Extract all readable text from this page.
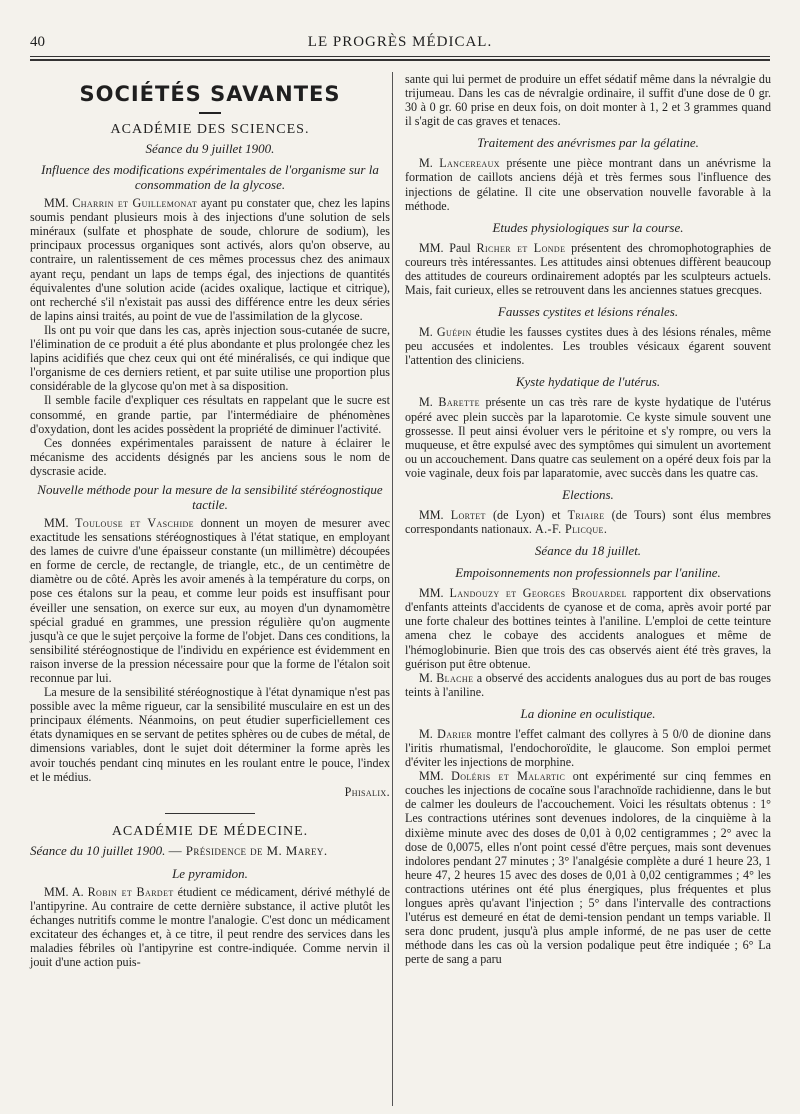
40	LE PROGRÈS MÉDICAL.
SOCIÉTÉS SAVANTES
ACADÉMIE DES SCIENCES.
Séance du 9 juillet 1900.
Influence des modifications expérimentales de l'organisme sur la consommation de la glycose.

MM. Charrin et Guillemonat ayant pu constater que, chez les lapins soumis pendant plusieurs mois à des injections d'une solution de sels minéraux (sulfate et phosphate de soude, chlorure de sodium), les principaux processus organiques sont activés, alors qu'on observe, au contraire, un ralentissement de ces mêmes processus chez des animaux ayant reçu, pendant un laps de temps égal, des injections de quantités équivalentes d'une solution acide (acides oxalique, lactique et citrique), ont recherché s'il n'existait pas aussi des différence entre les deux séries de lapins ainsi traités, au point de vue de l'assimilation de la glycose.

Ils ont pu voir que dans les cas, après injection sous-cutanée de sucre, l'élimination de ce produit a été plus abondante et plus prolongée chez les lapins acidifiés que chez ceux qui ont été minéralisés, ce qui indique que l'organisme de ces derniers retient, et par suite utilise une proportion plus considérable de la glycose qu'on met à sa disposition.

Il semble facile d'expliquer ces résultats en rappelant que le sucre est consommé, en grande partie, par l'intermédiaire de phénomènes d'oxydation, dont les acides possèdent la propriété de diminuer l'activité.

Ces données expérimentales paraissent de nature à éclairer le mécanisme des accidents désignés par les anciens sous le nom de dyscrasie acide.

Nouvelle méthode pour la mesure de la sensibilité stéréognostique tactile.

MM. Toulouse et Vaschide donnent un moyen de mesurer avec exactitude les sensations stéréognostiques à l'état statique, en employant des lames de cuivre d'une épaisseur constante (un millimètre) découpées en forme de cercle, de rectangle, de triangle, etc., de un centimètre de diamètre ou de côté. Après les avoir amenés à la température du corps, on pose ces étalons sur la peau, et comme leur poids est insuffisant pour éveiller une sensation, on exerce sur eux, au moyen d'un dynamomètre spécial gradué en grammes, une pression régulière qu'on augmente jusqu'à ce que le sujet perçoive la forme de l'objet. Dans ces conditions, la sensibilité stéréognostique de l'individu en expérience est évidemment en raison inverse de la pression nécessaire pour que la forme de l'étalon soit reconnue par lui.

La mesure de la sensibilité stéréognostique à l'état dynamique n'est pas possible avec la même rigueur, car la sensibilité musculaire en est un des principaux éléments. Néanmoins, on peut étudier superficiellement ces états dynamiques en se servant de petites sphères ou de cubes de métal, de dimensions variables, dont le sujet doit déterminer la forme après les avoir touchés pendant cinq minutes en les roulant entre le pouce, l'index et le médius.

Phisalix.
ACADÉMIE DE MÉDECINE.
Séance du 10 juillet 1900. — Présidence de M. Marey.
Le pyramidon.

MM. A. Robin et Bardet étudient ce médicament, dérivé méthylé de l'antipyrine. Au contraire de cette dernière substance, il active plutôt les échanges nutritifs comme le montre l'analogie. C'est donc un médicament excitateur des échanges et, à ce titre, il peut rendre des services dans les maladies fébriles où l'antipyrine est contre-indiquée. Comme nervin il jouit d'une action puis-

sante qui lui permet de produire un effet sédatif même dans la névralgie du trijumeau. Dans les cas de névralgie ordinaire, il suffit d'une dose de 0 gr. 30 à 0 gr. 60 prise en deux fois, on doit monter à 1, 2 et 3 grammes quand il s'agit de cas graves et tenaces.

Traitement des anévrismes par la gélatine.

M. Lancereaux présente une pièce montrant dans un anévrisme la formation de caillots anciens déjà et très fermes sous l'influence des injections de gélatine. Il cite une observation nouvelle favorable à la méthode.

Etudes physiologiques sur la course.

MM. Paul Richer et Londe présentent des chromophotographies de coureurs très intéressantes. Les attitudes ainsi obtenues diffèrent beaucoup des attitudes de coureurs ordinairement adoptés par les sculpteurs actuels. Mais, fait curieux, elles se retrouvent dans les anciennes statues grecques.

Fausses cystites et lésions rénales.

M. Guépin étudie les fausses cystites dues à des lésions rénales, même peu accusées et indolentes. Les troubles vésicaux égarent souvent l'attention des cliniciens.

Kyste hydatique de l'utérus.

M. Barette présente un cas très rare de kyste hydatique de l'utérus opéré avec plein succès par la laparotomie. Ce kyste simule souvent une grossesse. Il peut ainsi évoluer vers le péritoine et s'y rompre, ou vers la muqueuse, et être expulsé avec des symptômes qui simulent un avortement ou un accouchement. Dans quatre cas seulement on a opéré deux fois par la voie vaginale, deux fois par laparatomie, avec succès dans les quatre cas.

Elections.

MM. Lortet (de Lyon) et Triaire (de Tours) sont élus membres correspondants nationaux. A.-F. Plicque.

Séance du 18 juillet.
Empoisonnements non professionnels par l'aniline.

MM. Landouzy et Georges Brouardel rapportent dix observations d'enfants atteints d'accidents de cyanose et de coma, après avoir porté par une forte chaleur des bottines teintes à l'aniline. L'emploi de cette teinture amena chez le cobaye des accidents analogues et même de l'hémoglobinurie. Bien que trois des cas observés aient été très graves, la guérison put être obtenue.

M. Blache a observé des accidents analogues dus au port de bas rouges teints à l'aniline.

La dionine en oculistique.

M. Darier montre l'effet calmant des collyres à 5 0/0 de dionine dans l'iritis rhumatismal, l'endochoroïdite, le glaucome. Son emploi permet d'éviter les injections de morphine.

MM. Doléris et Malartic ont expérimenté sur cinq femmes en couches les injections de cocaïne sous l'arachnoïde rachidienne, dans le but de calmer les douleurs de l'accouchement. Voici les résultats obtenus : 1° Les contractions utérines sont devenues indolores, de la cinquième à la dixième minute avec des doses de 0,01 à 0,02 centigrammes ; 2° avec la dose de 0,0075, elles n'ont point cessé d'être perçues, mais sont devenues indolores pendant 27 minutes ; 3° l'analgésie complète a duré 1 heure 23, 1 heure 47, 2 heures 15 avec des doses de 0,01 à 0,02 centigrammes ; 4° les contractions utérines ont été plus énergiques, plus fréquentes et plus longues après qu'avant l'injection ; 5° dans l'intervalle des contractions l'utérus est demeuré en état de demi-tension pendant un temps variable. Il sera donc prudent, jusqu'à plus ample informé, de ne pas user de cette méthode dans les cas où la version podalique peut être indiquée ; 6° La perte de sang a paru
